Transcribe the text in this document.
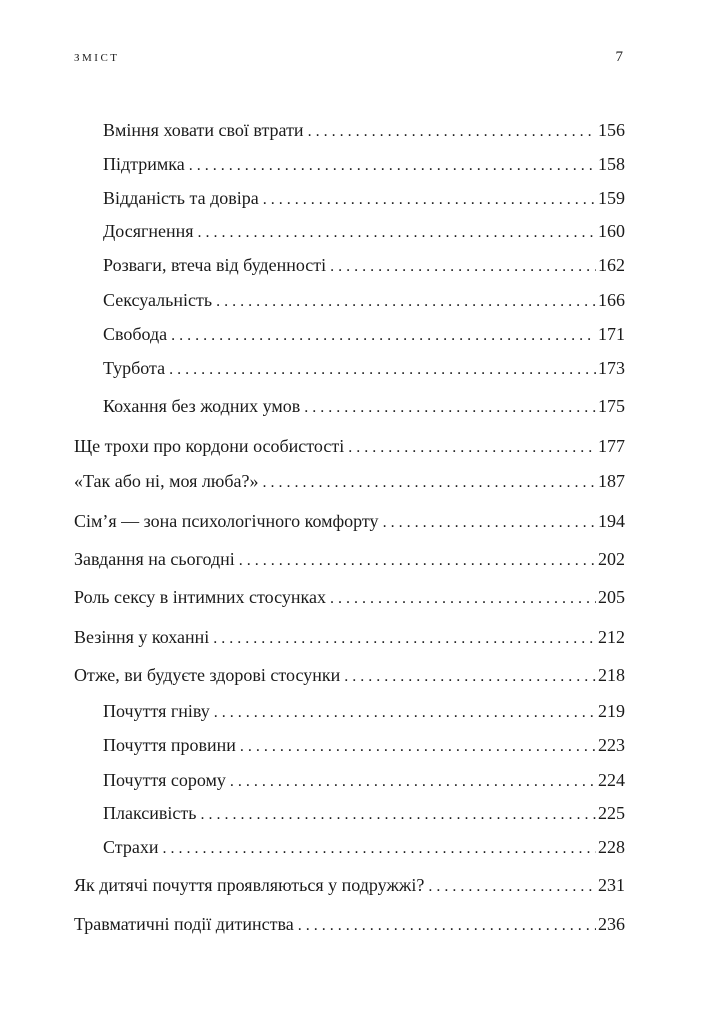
ЗМІСТ	7
Вміння ховати свої втрати . . .	156
Підтримка . . .	158
Відданість та довіра . . .	159
Досягнення . . .	160
Розваги, втеча від буденності . . .	162
Сексуальність . . .	166
Свобода . . .	171
Турбота . . .	173
Кохання без жодних умов . . .	175
Ще трохи про кордони особистості . . .	177
«Так або ні, моя люба?» . . .	187
Сім’я — зона психологічного комфорту . . .	194
Завдання на сьогодні . . .	202
Роль сексу в інтимних стосунках . . .	205
Везіння у коханні . . .	212
Отже, ви будуєте здорові стосунки . . .	218
Почуття гніву . . .	219
Почуття провини . . .	223
Почуття сорому . . .	224
Плаксивість . . .	225
Страхи . . .	228
Як дитячі почуття проявляються у подружжі? . . .	231
Травматичні події дитинства . . .	236
